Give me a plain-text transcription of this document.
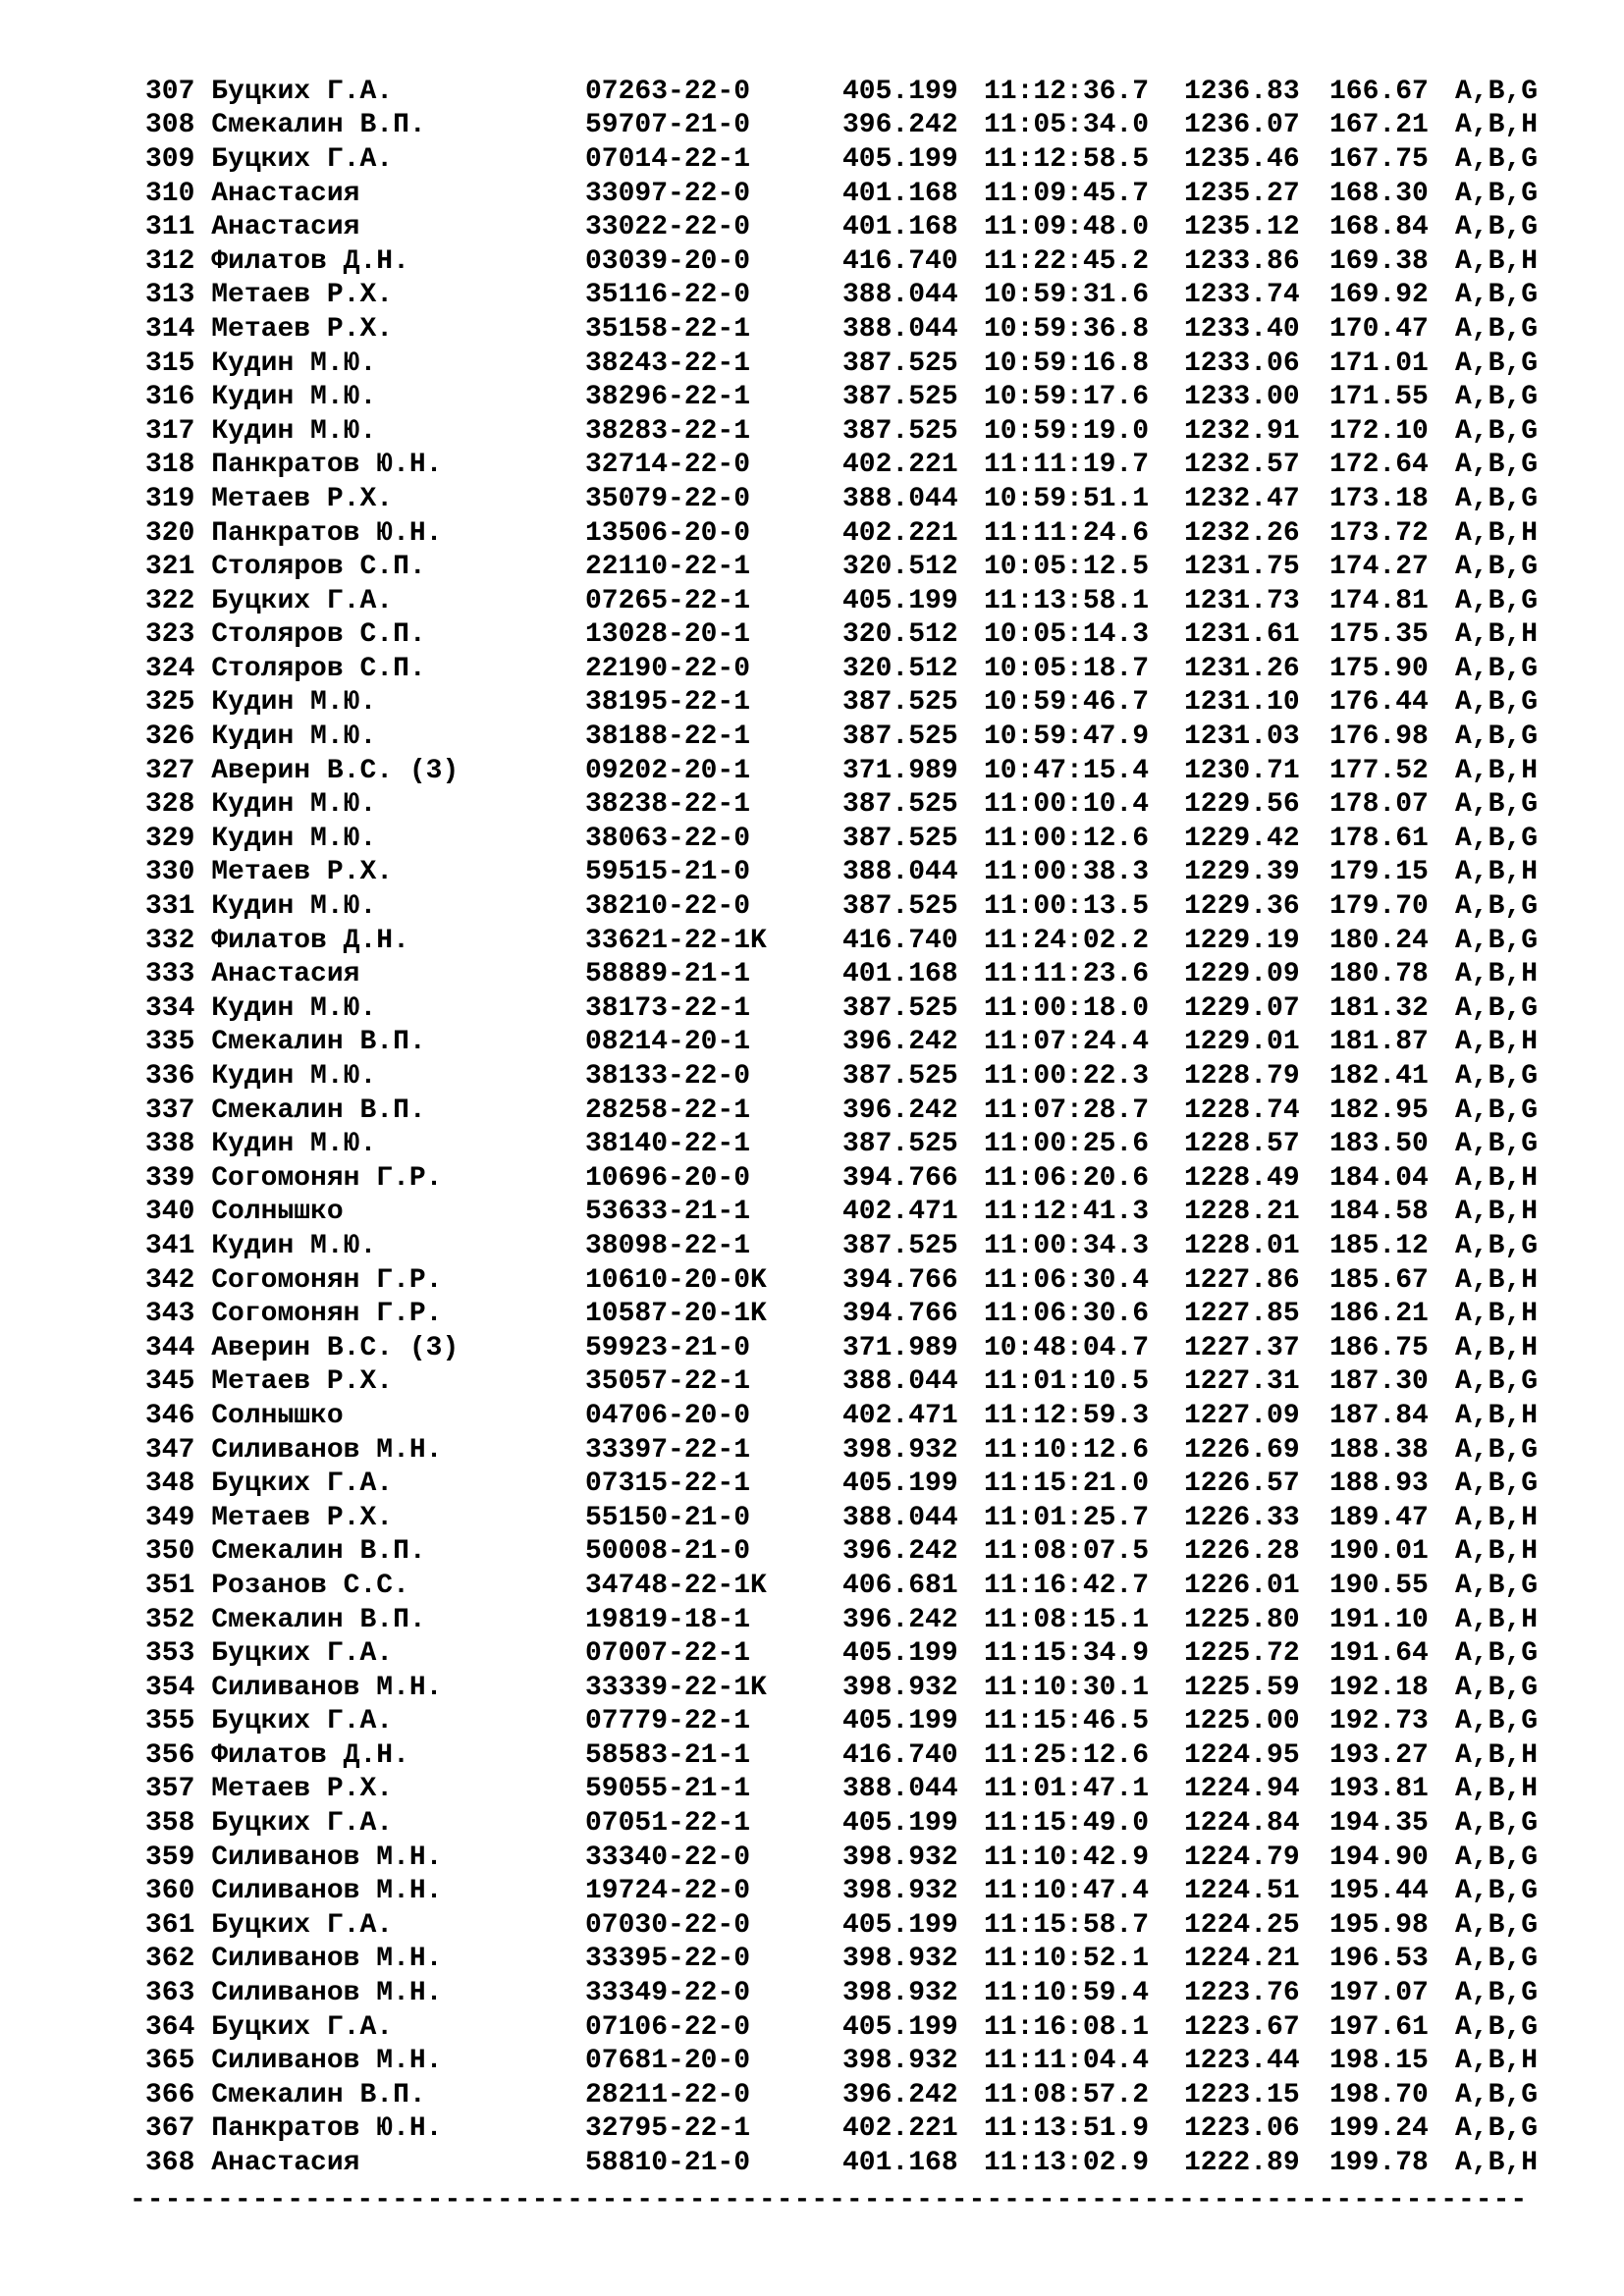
307 Буцких Г.А.	07263-22-0	405.199 11:12:36.7	1236.83	166.67 A,B,G
308 Смекалин В.П.	59707-21-0	396.242 11:05:34.0	1236.07	167.21 A,B,H
309 Буцких Г.А.	07014-22-1	405.199 11:12:58.5	1235.46	167.75 A,B,G
310 Анастасия	33097-22-0	401.168 11:09:45.7	1235.27	168.30 A,B,G
311 Анастасия	33022-22-0	401.168 11:09:48.0	1235.12	168.84 A,B,G
312 Филатов Д.Н.	03039-20-0	416.740 11:22:45.2	1233.86	169.38 A,B,H
313 Метаев Р.Х.	35116-22-0	388.044 10:59:31.6	1233.74	169.92 A,B,G
314 Метаев Р.Х.	35158-22-1	388.044 10:59:36.8	1233.40	170.47 A,B,G
315 Кудин М.Ю.	38243-22-1	387.525 10:59:16.8	1233.06	171.01 A,B,G
316 Кудин М.Ю.	38296-22-1	387.525 10:59:17.6	1233.00	171.55 A,B,G
317 Кудин М.Ю.	38283-22-1	387.525 10:59:19.0	1232.91	172.10 A,B,G
318 Панкратов Ю.Н.	32714-22-0	402.221 11:11:19.7	1232.57	172.64 A,B,G
319 Метаев Р.Х.	35079-22-0	388.044 10:59:51.1	1232.47	173.18 A,B,G
320 Панкратов Ю.Н.	13506-20-0	402.221 11:11:24.6	1232.26	173.72 A,B,H
321 Столяров С.П.	22110-22-1	320.512 10:05:12.5	1231.75	174.27 A,B,G
322 Буцких Г.А.	07265-22-1	405.199 11:13:58.1	1231.73	174.81 A,B,G
323 Столяров С.П.	13028-20-1	320.512 10:05:14.3	1231.61	175.35 A,B,H
324 Столяров С.П.	22190-22-0	320.512 10:05:18.7	1231.26	175.90 A,B,G
325 Кудин М.Ю.	38195-22-1	387.525 10:59:46.7	1231.10	176.44 A,B,G
326 Кудин М.Ю.	38188-22-1	387.525 10:59:47.9	1231.03	176.98 A,B,G
327 Аверин В.С. (3)	09202-20-1	371.989 10:47:15.4	1230.71	177.52 A,B,H
328 Кудин М.Ю.	38238-22-1	387.525 11:00:10.4	1229.56	178.07 A,B,G
329 Кудин М.Ю.	38063-22-0	387.525 11:00:12.6	1229.42	178.61 A,B,G
330 Метаев Р.Х.	59515-21-0	388.044 11:00:38.3	1229.39	179.15 A,B,H
331 Кудин М.Ю.	38210-22-0	387.525 11:00:13.5	1229.36	179.70 A,B,G
332 Филатов Д.Н.	33621-22-1K	416.740 11:24:02.2	1229.19	180.24 A,B,G
333 Анастасия	58889-21-1	401.168 11:11:23.6	1229.09	180.78 A,B,H
334 Кудин М.Ю.	38173-22-1	387.525 11:00:18.0	1229.07	181.32 A,B,G
335 Смекалин В.П.	08214-20-1	396.242 11:07:24.4	1229.01	181.87 A,B,H
336 Кудин М.Ю.	38133-22-0	387.525 11:00:22.3	1228.79	182.41 A,B,G
337 Смекалин В.П.	28258-22-1	396.242 11:07:28.7	1228.74	182.95 A,B,G
338 Кудин М.Ю.	38140-22-1	387.525 11:00:25.6	1228.57	183.50 A,B,G
339 Согомонян Г.Р.	10696-20-0	394.766 11:06:20.6	1228.49	184.04 A,B,H
340 Солнышко	53633-21-1	402.471 11:12:41.3	1228.21	184.58 A,B,H
341 Кудин М.Ю.	38098-22-1	387.525 11:00:34.3	1228.01	185.12 A,B,G
342 Согомонян Г.Р.	10610-20-0K	394.766 11:06:30.4	1227.86	185.67 A,B,H
343 Согомонян Г.Р.	10587-20-1K	394.766 11:06:30.6	1227.85	186.21 A,B,H
344 Аверин В.С. (3)	59923-21-0	371.989 10:48:04.7	1227.37	186.75 A,B,H
345 Метаев Р.Х.	35057-22-1	388.044 11:01:10.5	1227.31	187.30 A,B,G
346 Солнышко	04706-20-0	402.471 11:12:59.3	1227.09	187.84 A,B,H
347 Силиванов М.Н.	33397-22-1	398.932 11:10:12.6	1226.69	188.38 A,B,G
348 Буцких Г.А.	07315-22-1	405.199 11:15:21.0	1226.57	188.93 A,B,G
349 Метаев Р.Х.	55150-21-0	388.044 11:01:25.7	1226.33	189.47 A,B,H
350 Смекалин В.П.	50008-21-0	396.242 11:08:07.5	1226.28	190.01 A,B,H
351 Розанов С.С.	34748-22-1K	406.681 11:16:42.7	1226.01	190.55 A,B,G
352 Смекалин В.П.	19819-18-1	396.242 11:08:15.1	1225.80	191.10 A,B,H
353 Буцких Г.А.	07007-22-1	405.199 11:15:34.9	1225.72	191.64 A,B,G
354 Силиванов М.Н.	33339-22-1K	398.932 11:10:30.1	1225.59	192.18 A,B,G
355 Буцких Г.А.	07779-22-1	405.199 11:15:46.5	1225.00	192.73 A,B,G
356 Филатов Д.Н.	58583-21-1	416.740 11:25:12.6	1224.95	193.27 A,B,H
357 Метаев Р.Х.	59055-21-1	388.044 11:01:47.1	1224.94	193.81 A,B,H
358 Буцких Г.А.	07051-22-1	405.199 11:15:49.0	1224.84	194.35 A,B,G
359 Силиванов М.Н.	33340-22-0	398.932 11:10:42.9	1224.79	194.90 A,B,G
360 Силиванов М.Н.	19724-22-0	398.932 11:10:47.4	1224.51	195.44 A,B,G
361 Буцких Г.А.	07030-22-0	405.199 11:15:58.7	1224.25	195.98 A,B,G
362 Силиванов М.Н.	33395-22-0	398.932 11:10:52.1	1224.21	196.53 A,B,G
363 Силиванов М.Н.	33349-22-0	398.932 11:10:59.4	1223.76	197.07 A,B,G
364 Буцких Г.А.	07106-22-0	405.199 11:16:08.1	1223.67	197.61 A,B,G
365 Силиванов М.Н.	07681-20-0	398.932 11:11:04.4	1223.44	198.15 A,B,H
366 Смекалин В.П.	28211-22-0	396.242 11:08:57.2	1223.15	198.70 A,B,G
367 Панкратов Ю.Н.	32795-22-1	402.221 11:13:51.9	1223.06	199.24 A,B,G
368 Анастасия	58810-21-0	401.168 11:13:02.9	1222.89	199.78 A,B,H
--------------------------------------------------------------------------------
